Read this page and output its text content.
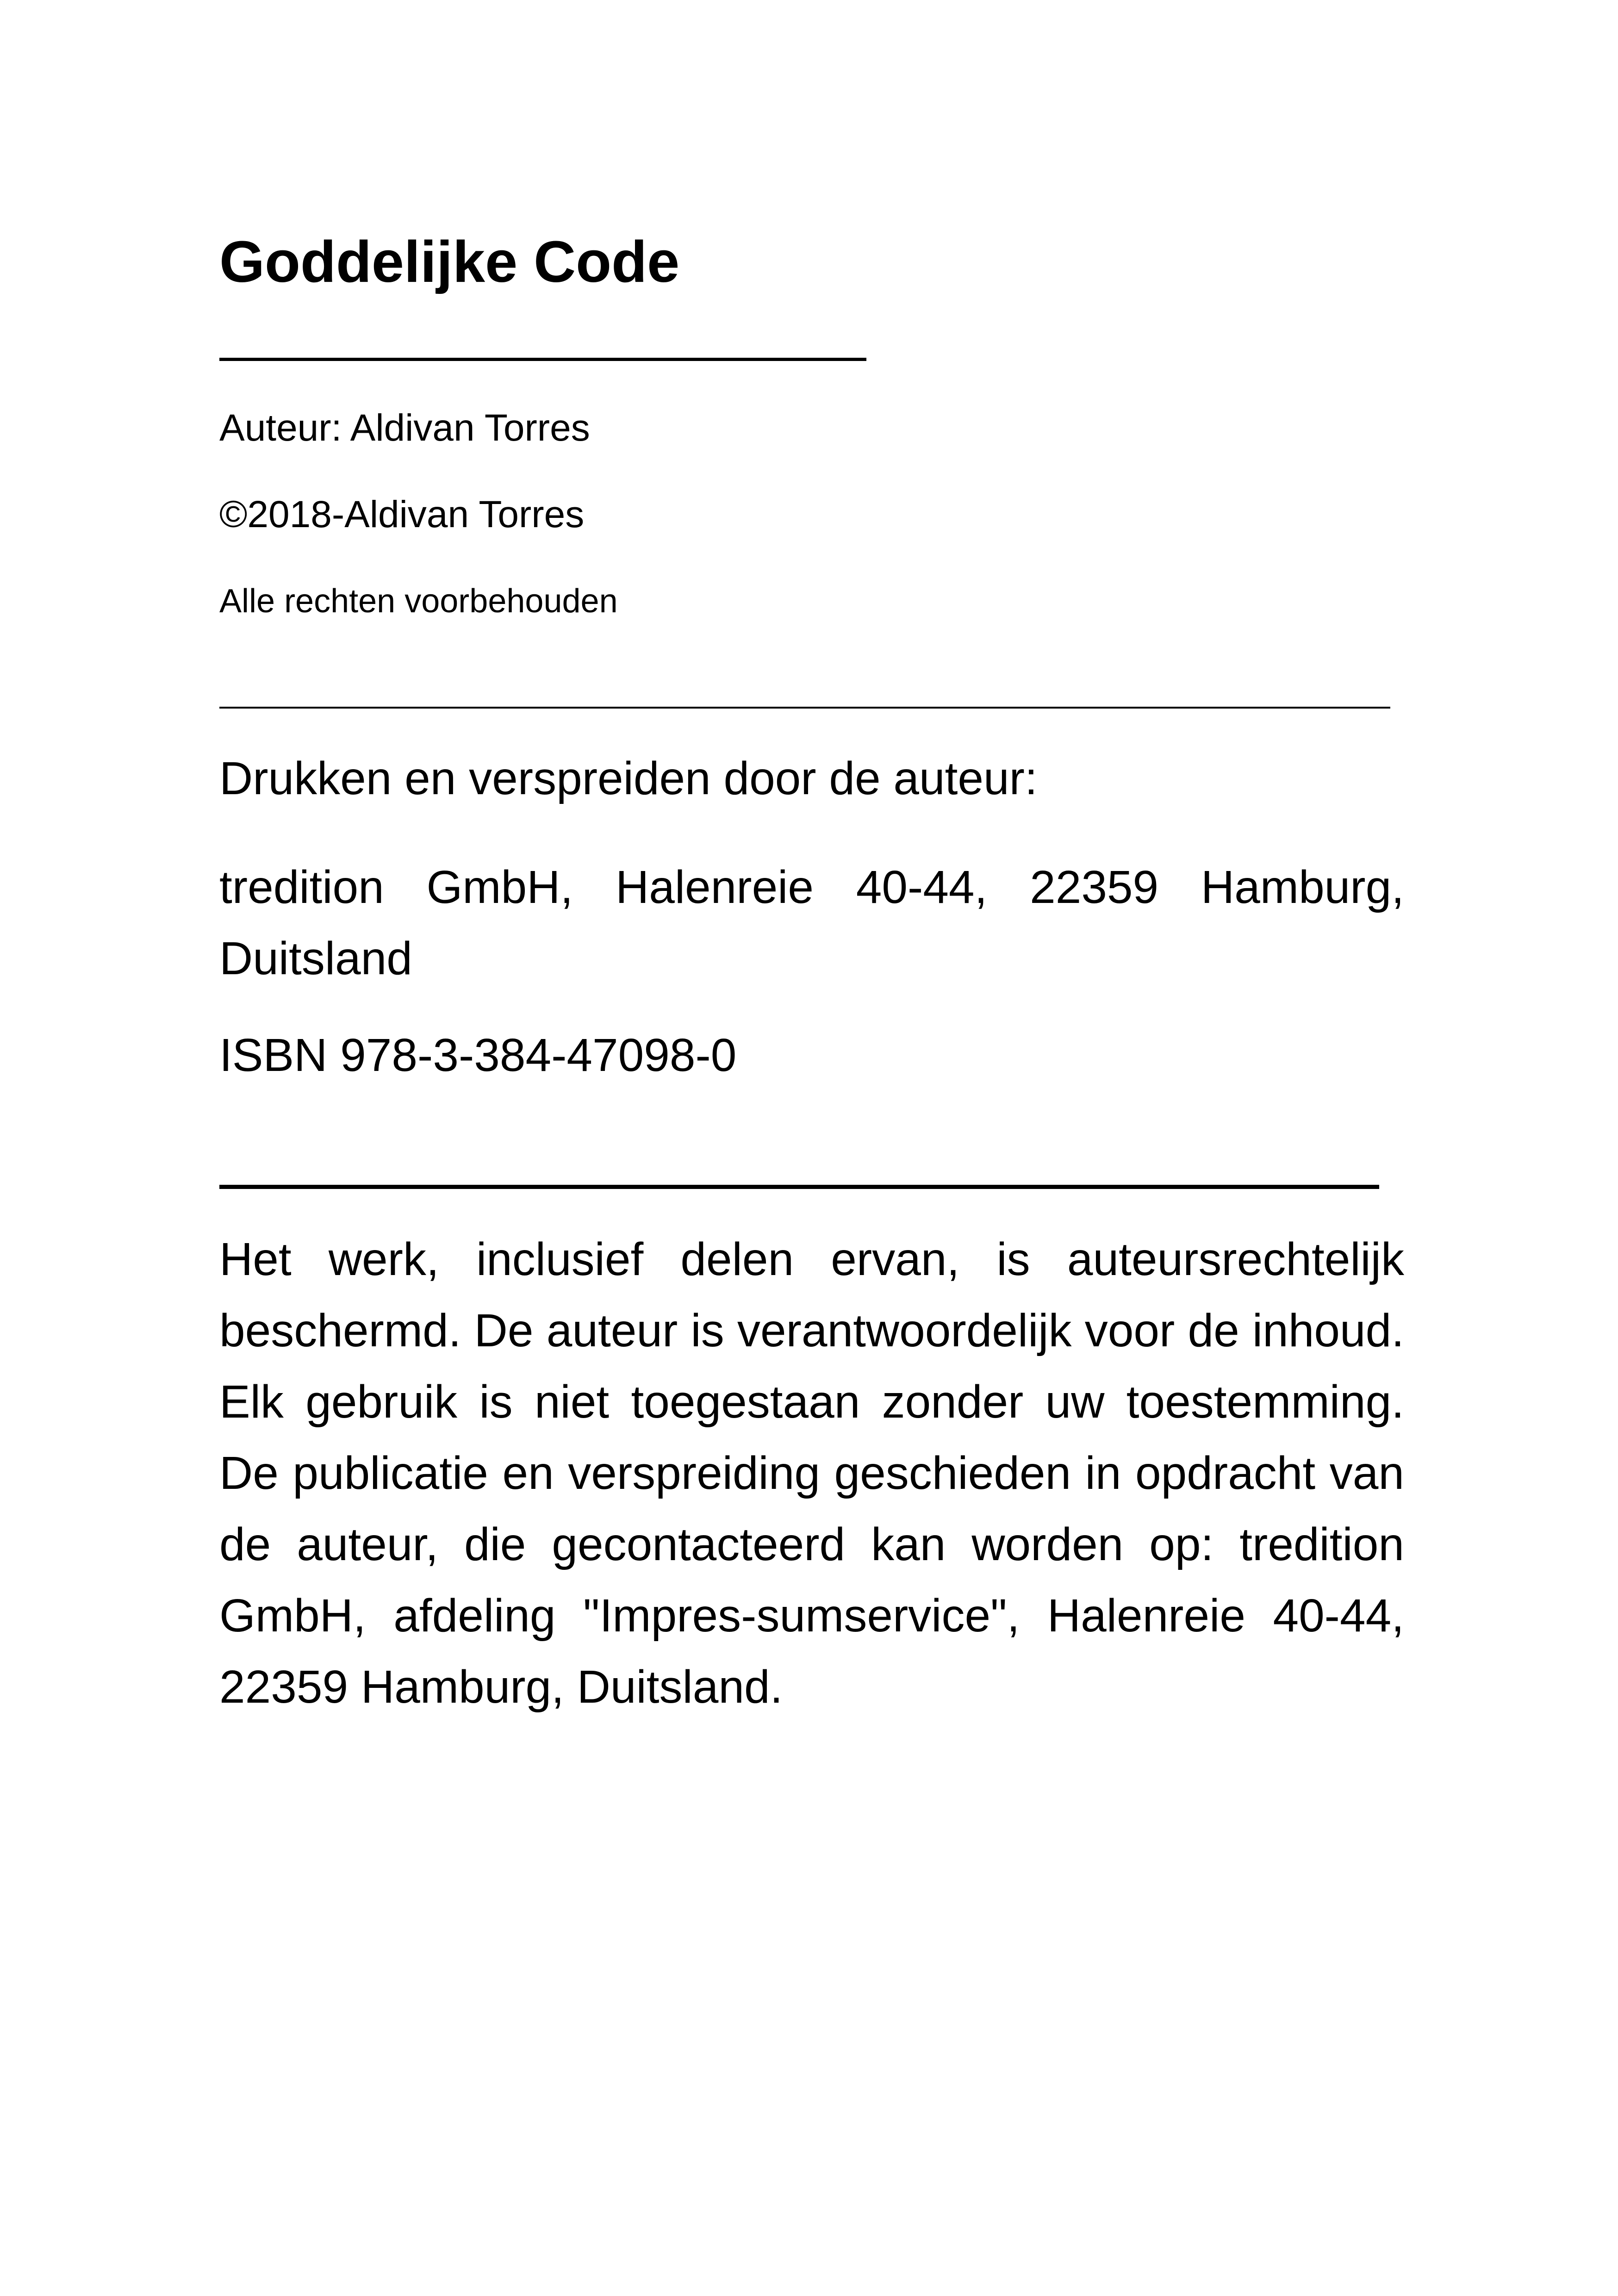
Goddelijke Code

Auteur: Aldivan Torres

©2018-Aldivan Torres

Alle rechten voorbehouden

Drukken en verspreiden door de auteur:

tredition GmbH, Halenreie 40-44, 22359 Hamburg, Duitsland

ISBN 978-3-384-47098-0

Het werk, inclusief delen ervan, is auteursrechtelijk beschermd. De auteur is verantwoordelijk voor de inhoud. Elk gebruik is niet toegestaan zonder uw toestemming. De publicatie en verspreiding geschieden in opdracht van de auteur, die gecontacteerd kan worden op: tredition GmbH, afdeling "Impres-sumservice", Halenreie 40-44, 22359 Hamburg, Duitsland.
